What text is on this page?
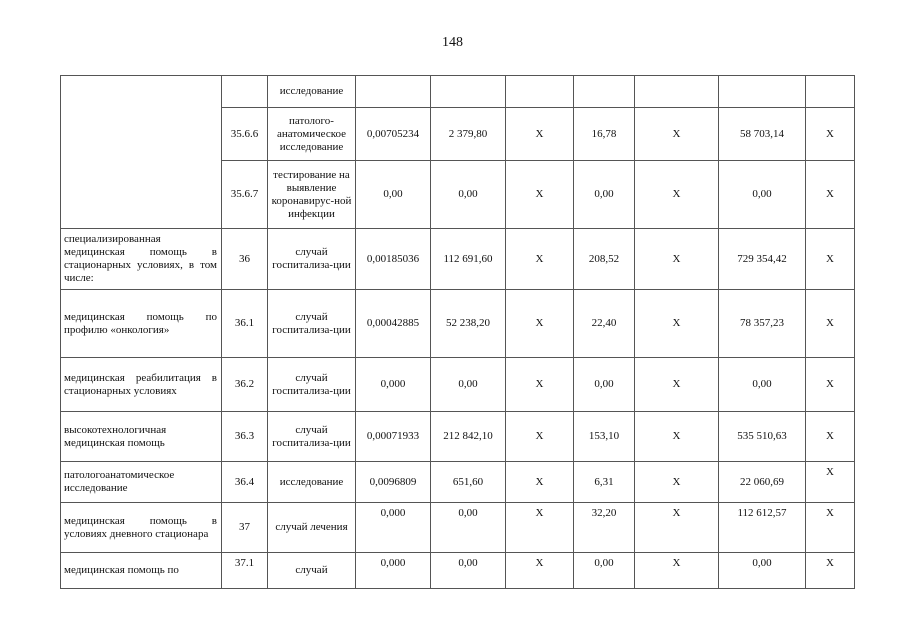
148
		исследование							
	35.6.6	патолого-анатомическое исследование	0,00705234	2 379,80	X	16,78	X	58 703,14	X
	35.6.7	тестирование на выявление коронавирус-ной инфекции	0,00	0,00	X	0,00	X	0,00	X
специализированная медицинская помощь в стационарных условиях, в том числе:	36	случай госпитализа-ции	0,00185036	112 691,60	X	208,52	X	729 354,42	X
медицинская помощь по профилю «онкология»	36.1	случай госпитализа-ции	0,00042885	52 238,20	X	22,40	X	78 357,23	X
медицинская реабилитация в стационарных условиях	36.2	случай госпитализа-ции	0,000	0,00	X	0,00	X	0,00	X
высокотехнологичная медицинская помощь	36.3	случай госпитализа-ции	0,00071933	212 842,10	X	153,10	X	535 510,63	X
патологоанатомическое исследование	36.4	исследование	0,0096809	651,60	X	6,31	X	22 060,69	X
медицинская помощь в условиях дневного стационара	37	случай лечения	0,000	0,00	X	32,20	X	112 612,57	X
медицинская помощь по	37.1	случай	0,000	0,00	X	0,00	X	0,00	X
